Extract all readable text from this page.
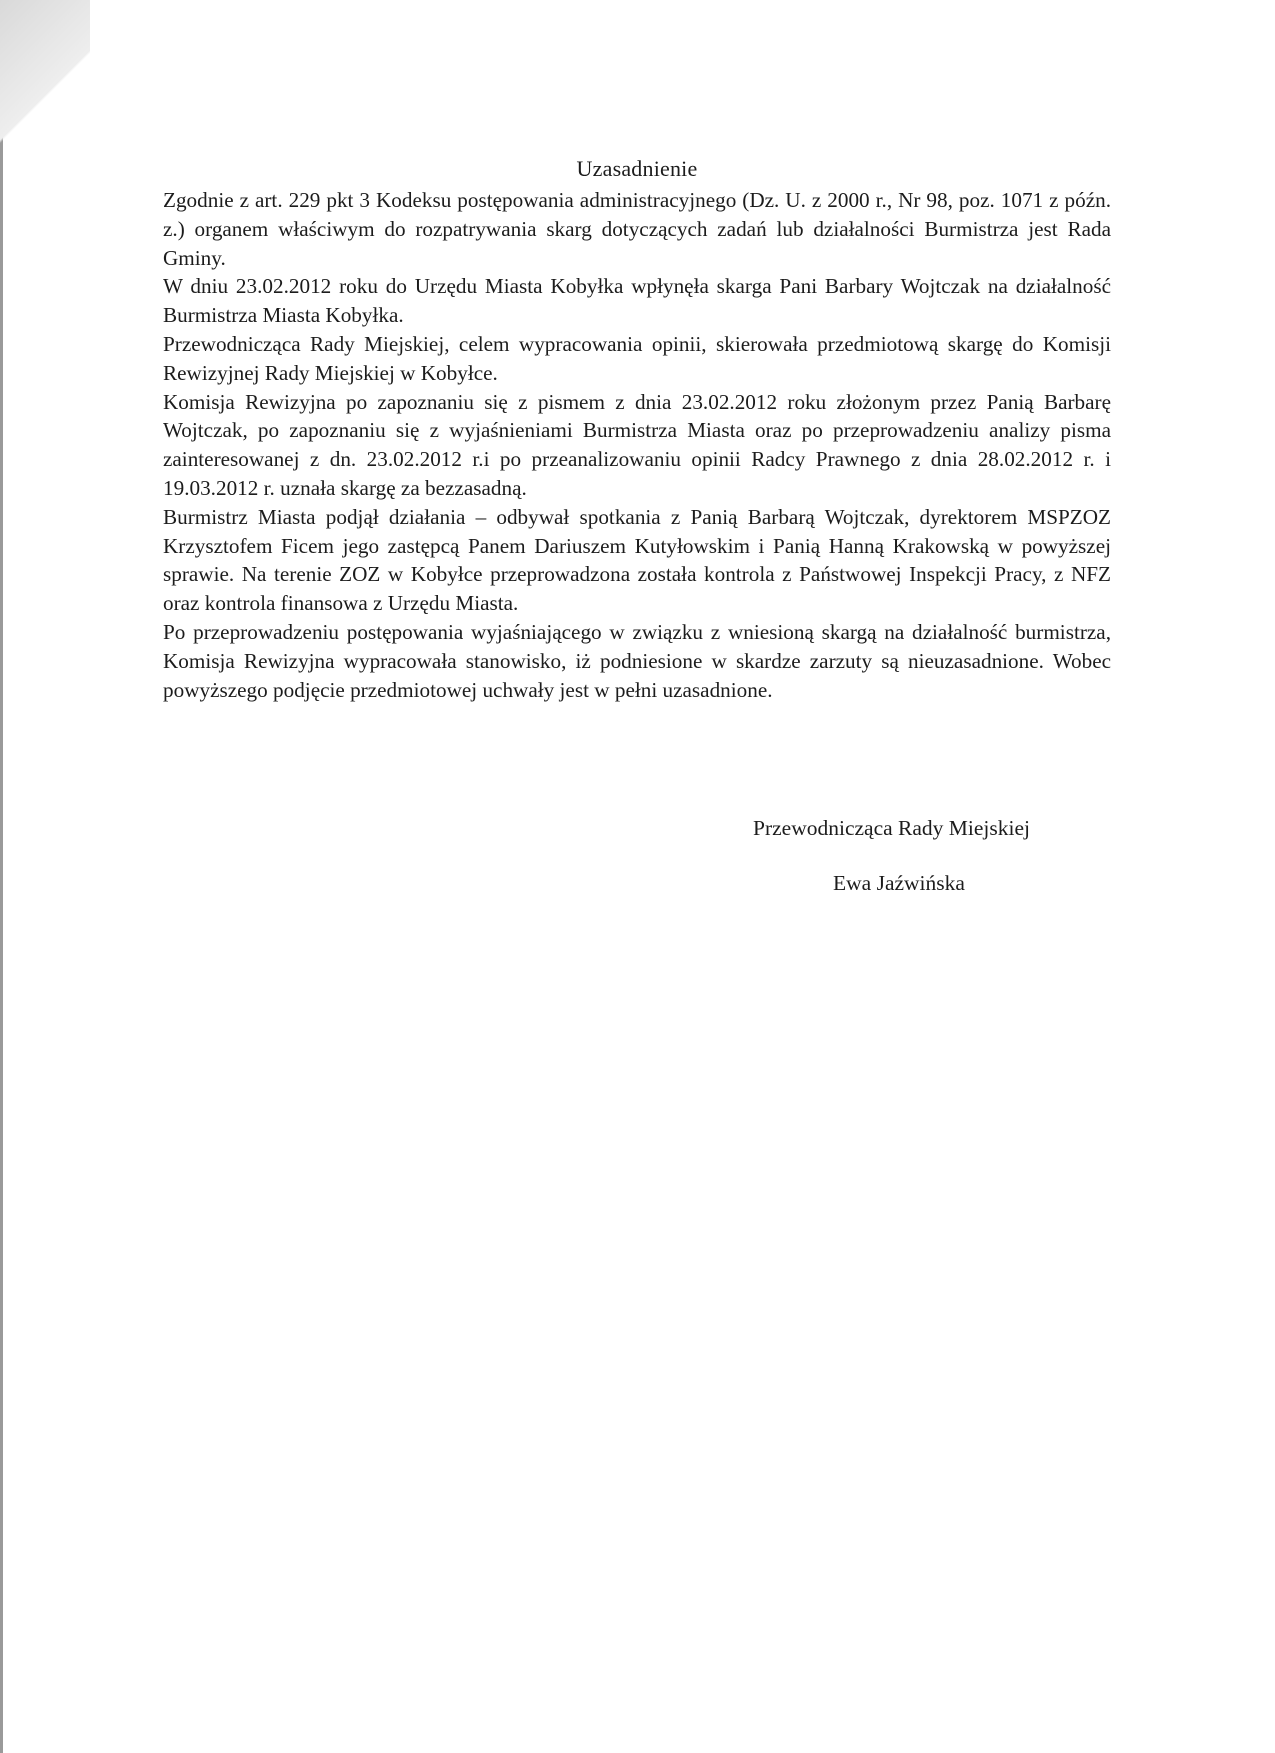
Uzasadnienie

Zgodnie z art. 229 pkt 3 Kodeksu postępowania administracyjnego (Dz. U. z 2000 r., Nr 98, poz. 1071 z późn. z.) organem właściwym do rozpatrywania skarg dotyczących zadań lub działalności Burmistrza jest Rada Gminy.

W dniu 23.02.2012 roku do Urzędu Miasta Kobyłka wpłynęła skarga Pani Barbary Wojtczak na działalność Burmistrza Miasta Kobyłka.

Przewodnicząca Rady Miejskiej, celem wypracowania opinii, skierowała przedmiotową skargę do Komisji Rewizyjnej Rady Miejskiej w Kobyłce.

Komisja Rewizyjna po zapoznaniu się z pismem z dnia 23.02.2012 roku złożonym przez Panią Barbarę Wojtczak, po zapoznaniu się z wyjaśnieniami Burmistrza Miasta oraz po przeprowadzeniu analizy pisma zainteresowanej z dn. 23.02.2012 r.i po przeanalizowaniu opinii Radcy Prawnego z dnia 28.02.2012 r. i 19.03.2012 r. uznała skargę za bezzasadną.

Burmistrz Miasta podjął działania – odbywał spotkania z Panią Barbarą Wojtczak, dyrektorem MSPZOZ Krzysztofem Ficem jego zastępcą Panem Dariuszem Kutyłowskim i Panią Hanną Krakowską w powyższej sprawie. Na terenie ZOZ w Kobyłce przeprowadzona została kontrola z Państwowej Inspekcji Pracy, z NFZ oraz kontrola finansowa z Urzędu Miasta.

Po przeprowadzeniu postępowania wyjaśniającego w związku z wniesioną skargą na działalność burmistrza, Komisja Rewizyjna wypracowała stanowisko, iż podniesione w skardze zarzuty są nieuzasadnione. Wobec powyższego podjęcie przedmiotowej uchwały jest w pełni uzasadnione.

Przewodnicząca Rady Miejskiej

Ewa Jaźwińska
